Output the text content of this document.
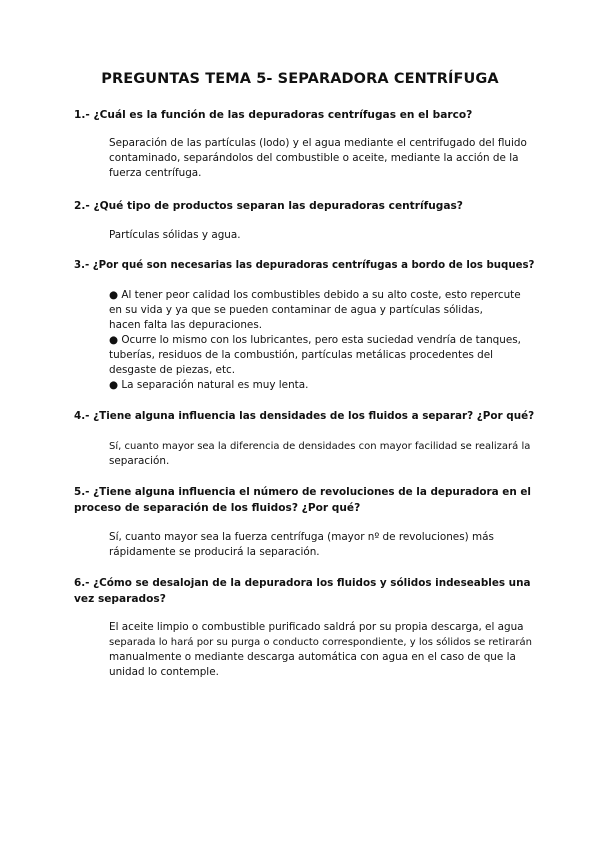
PREGUNTAS TEMA 5- SEPARADORA CENTRÍFUGA
1.- ¿Cuál es la función de las depuradoras centrífugas en el barco?
Separación de las partículas (lodo) y el agua mediante el centrifugado del fluido
contaminado, separándolos del combustible o aceite, mediante la acción de la
fuerza centrífuga.
2.- ¿Qué tipo de productos separan las depuradoras centrífugas?
Partículas sólidas y agua.
3.- ¿Por qué son necesarias las depuradoras centrífugas a bordo de los buques?
● Al tener peor calidad los combustibles debido a su alto coste, esto repercute
en su vida y ya que se pueden contaminar de agua y partículas sólidas,
hacen falta las depuraciones.
● Ocurre lo mismo con los lubricantes, pero esta suciedad vendría de tanques,
tuberías, residuos de la combustión, partículas metálicas procedentes del
desgaste de piezas, etc.
● La separación natural es muy lenta.
4.- ¿Tiene alguna influencia las densidades de los fluidos a separar? ¿Por qué?
Sí, cuanto mayor sea la diferencia de densidades con mayor facilidad se realizará la
separación.
5.- ¿Tiene alguna influencia el número de revoluciones de la depuradora en el
proceso de separación de los fluidos? ¿Por qué?
Sí, cuanto mayor sea la fuerza centrífuga (mayor nº de revoluciones) más
rápidamente se producirá la separación.
6.- ¿Cómo se desalojan de la depuradora los fluidos y sólidos indeseables una
vez separados?
El aceite limpio o combustible purificado saldrá por su propia descarga, el agua
separada lo hará por su purga o conducto correspondiente, y los sólidos se retirarán
manualmente o mediante descarga automática con agua en el caso de que la
unidad lo contemple.
